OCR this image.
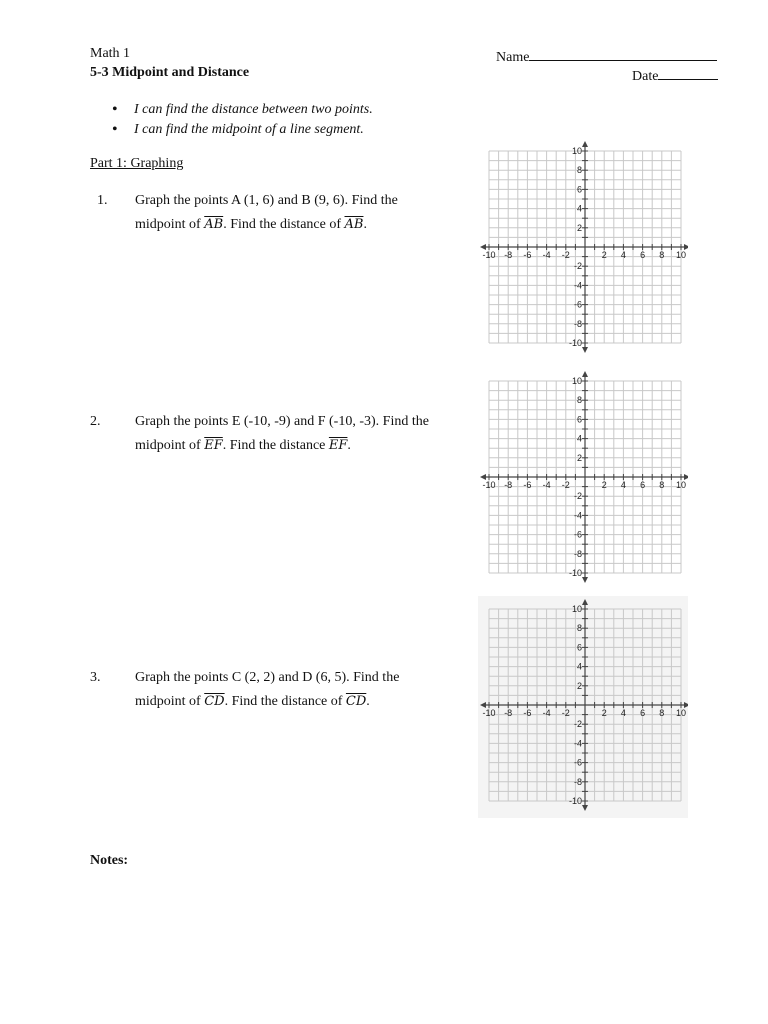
Math 1
5-3 Midpoint and Distance
Name
Date
• I can find the distance between two points.
• I can find the midpoint of a line segment.
Part 1: Graphing
1. Graph the points A (1, 6) and B (9, 6). Find the
midpoint of $\overline{AB}$. Find the distance of $\overline{AB}$.
2. Graph the points E (-10, -9) and F (-10, -3). Find the
midpoint of $\overline{EF}$. Find the distance $\overline{EF}$.
3. Graph the points C (2, 2) and D (6, 5). Find the
midpoint of $\overline{CD}$. Find the distance of $\overline{CD}$.
-10 -8 -6 -4 -2	2 4 6 8 10
10
8
6
4
2
-2
-4
-6
-8
-10
-10 -8 -6 -4 -2	2 4 6 8 10
10
8
6
4
2
-2
-4
-6
-8
-10
-10 -8 -6 -4 -2	2 4 6 8 10
10
8
6
4
2
-2
-4
-6
-8
-10
Notes:
